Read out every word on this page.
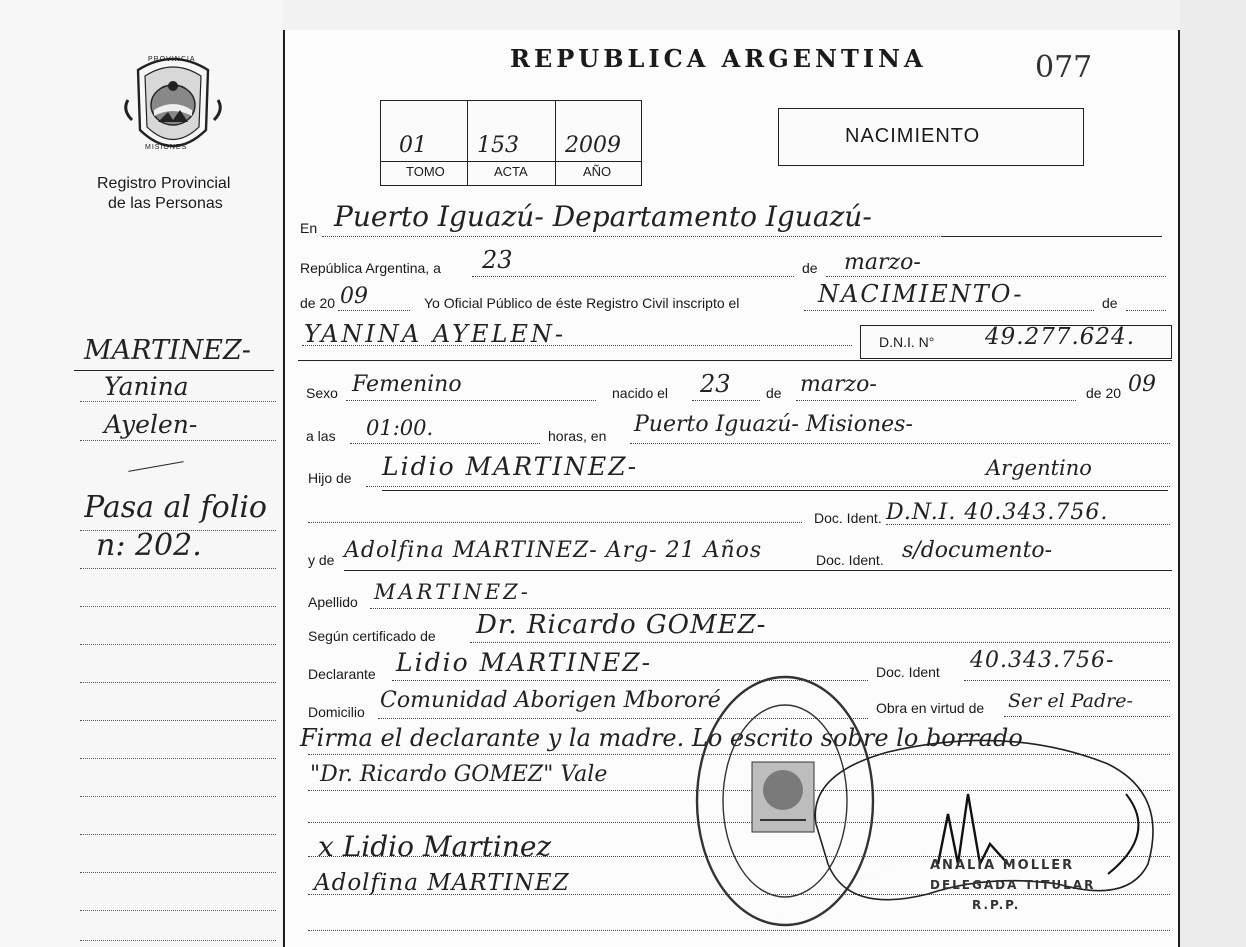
PROVINCIA
MISIONES
Registro Provincial
de las Personas
MARTINEZ-
Yanina
Ayelen-
Pasa al folio
n: 202.
REPUBLICA ARGENTINA	077
01 153 2009
TOMO	ACTA	AÑO
NACIMIENTO
En Puerto Iguazú- Departamento Iguazú-
República Argentina, a 23	de marzo-
de 20 09	Yo Oficial Público de éste Registro Civil inscripto el	NACIMIENTO-	de
YANINA AYELEN-	D.N.I. N° 49.277.624.
Sexo Femenino	nacido el 23	de marzo-	de 20 09
a las 01:00.	horas, en Puerto Iguazú- Misiones-
Hijo de Lidio MARTINEZ-	Argentino
Doc. Ident. D.N.I. 40.343.756.
y de Adolfina MARTINEZ- Arg- 21 Años	Doc. Ident. s/documento-
Apellido MARTINEZ-
Según certificado de Dr. Ricardo GOMEZ-
Declarante Lidio MARTINEZ-	Doc. Ident 40.343.756-
Domicilio Comunidad Aborigen Mbororé	Obra en virtud de Ser el Padre-
Firma el declarante y la madre. Lo escrito sobre lo borrado
"Dr. Ricardo GOMEZ" Vale
x Lidio Martinez
Adolfina MARTINEZ
ANALIA MOLLER
DELEGADA TITULAR
R.P.P.
